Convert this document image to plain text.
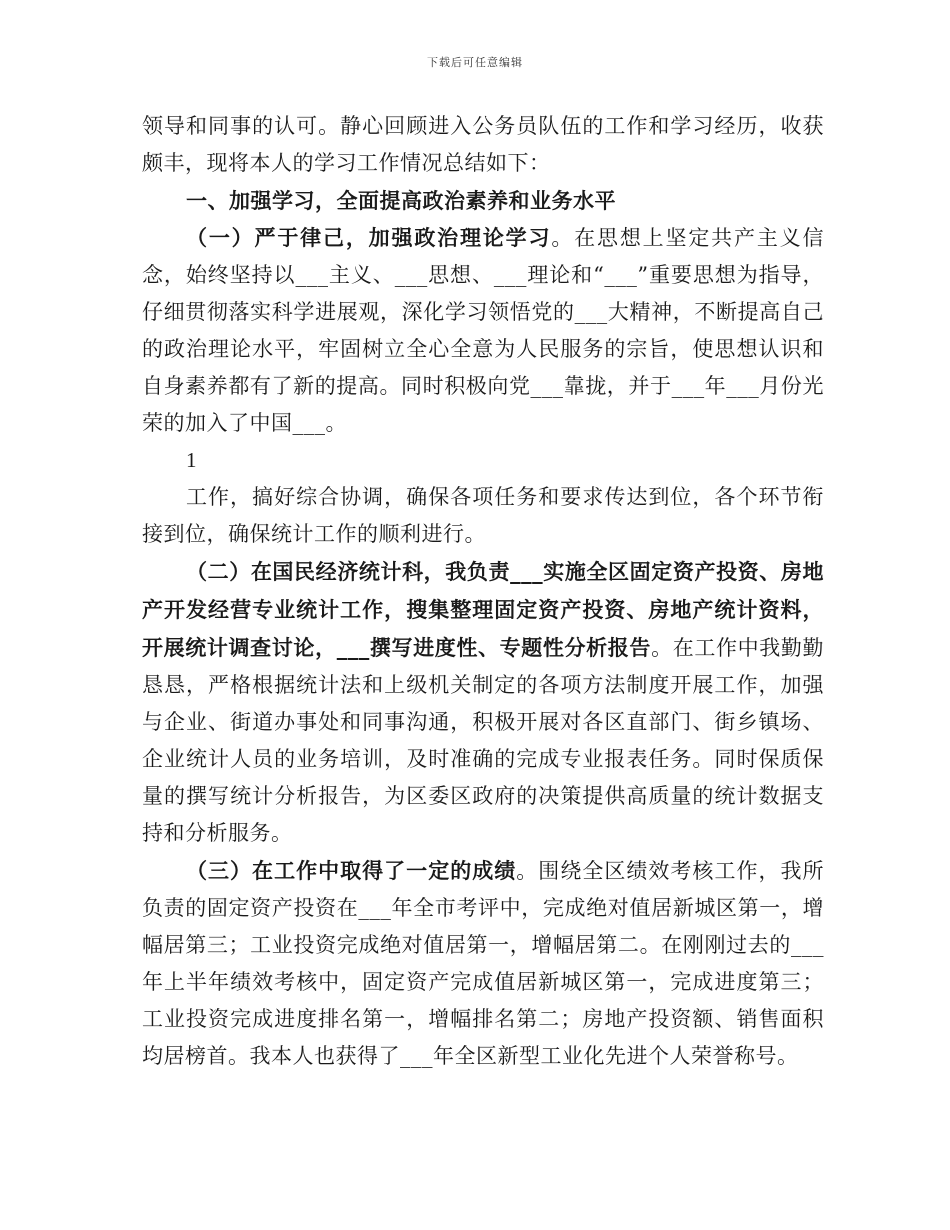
下载后可任意编辑

领导和同事的认可。静心回顾进入公务员队伍的工作和学习经历，收获颇丰，现将本人的学习工作情况总结如下：

一、加强学习，全面提高政治素养和业务水平

（一）严于律己，加强政治理论学习。在思想上坚定共产主义信念，始终坚持以___主义、___思想、___理论和“___”重要思想为指导，仔细贯彻落实科学进展观，深化学习领悟党的___大精神，不断提高自己的政治理论水平，牢固树立全心全意为人民服务的宗旨，使思想认识和自身素养都有了新的提高。同时积极向党___靠拢，并于___年___月份光荣的加入了中国___。

1

工作，搞好综合协调，确保各项任务和要求传达到位，各个环节衔接到位，确保统计工作的顺利进行。

（二）在国民经济统计科，我负责___实施全区固定资产投资、房地产开发经营专业统计工作，搜集整理固定资产投资、房地产统计资料，开展统计调查讨论，___撰写进度性、专题性分析报告。在工作中我勤勤恳恳，严格根据统计法和上级机关制定的各项方法制度开展工作，加强与企业、街道办事处和同事沟通，积极开展对各区直部门、街乡镇场、企业统计人员的业务培训，及时准确的完成专业报表任务。同时保质保量的撰写统计分析报告，为区委区政府的决策提供高质量的统计数据支持和分析服务。

（三）在工作中取得了一定的成绩。围绕全区绩效考核工作，我所负责的固定资产投资在___年全市考评中，完成绝对值居新城区第一，增幅居第三；工业投资完成绝对值居第一，增幅居第二。在刚刚过去的___年上半年绩效考核中，固定资产完成值居新城区第一，完成进度第三；工业投资完成进度排名第一，增幅排名第二；房地产投资额、销售面积均居榜首。我本人也获得了___年全区新型工业化先进个人荣誉称号。
